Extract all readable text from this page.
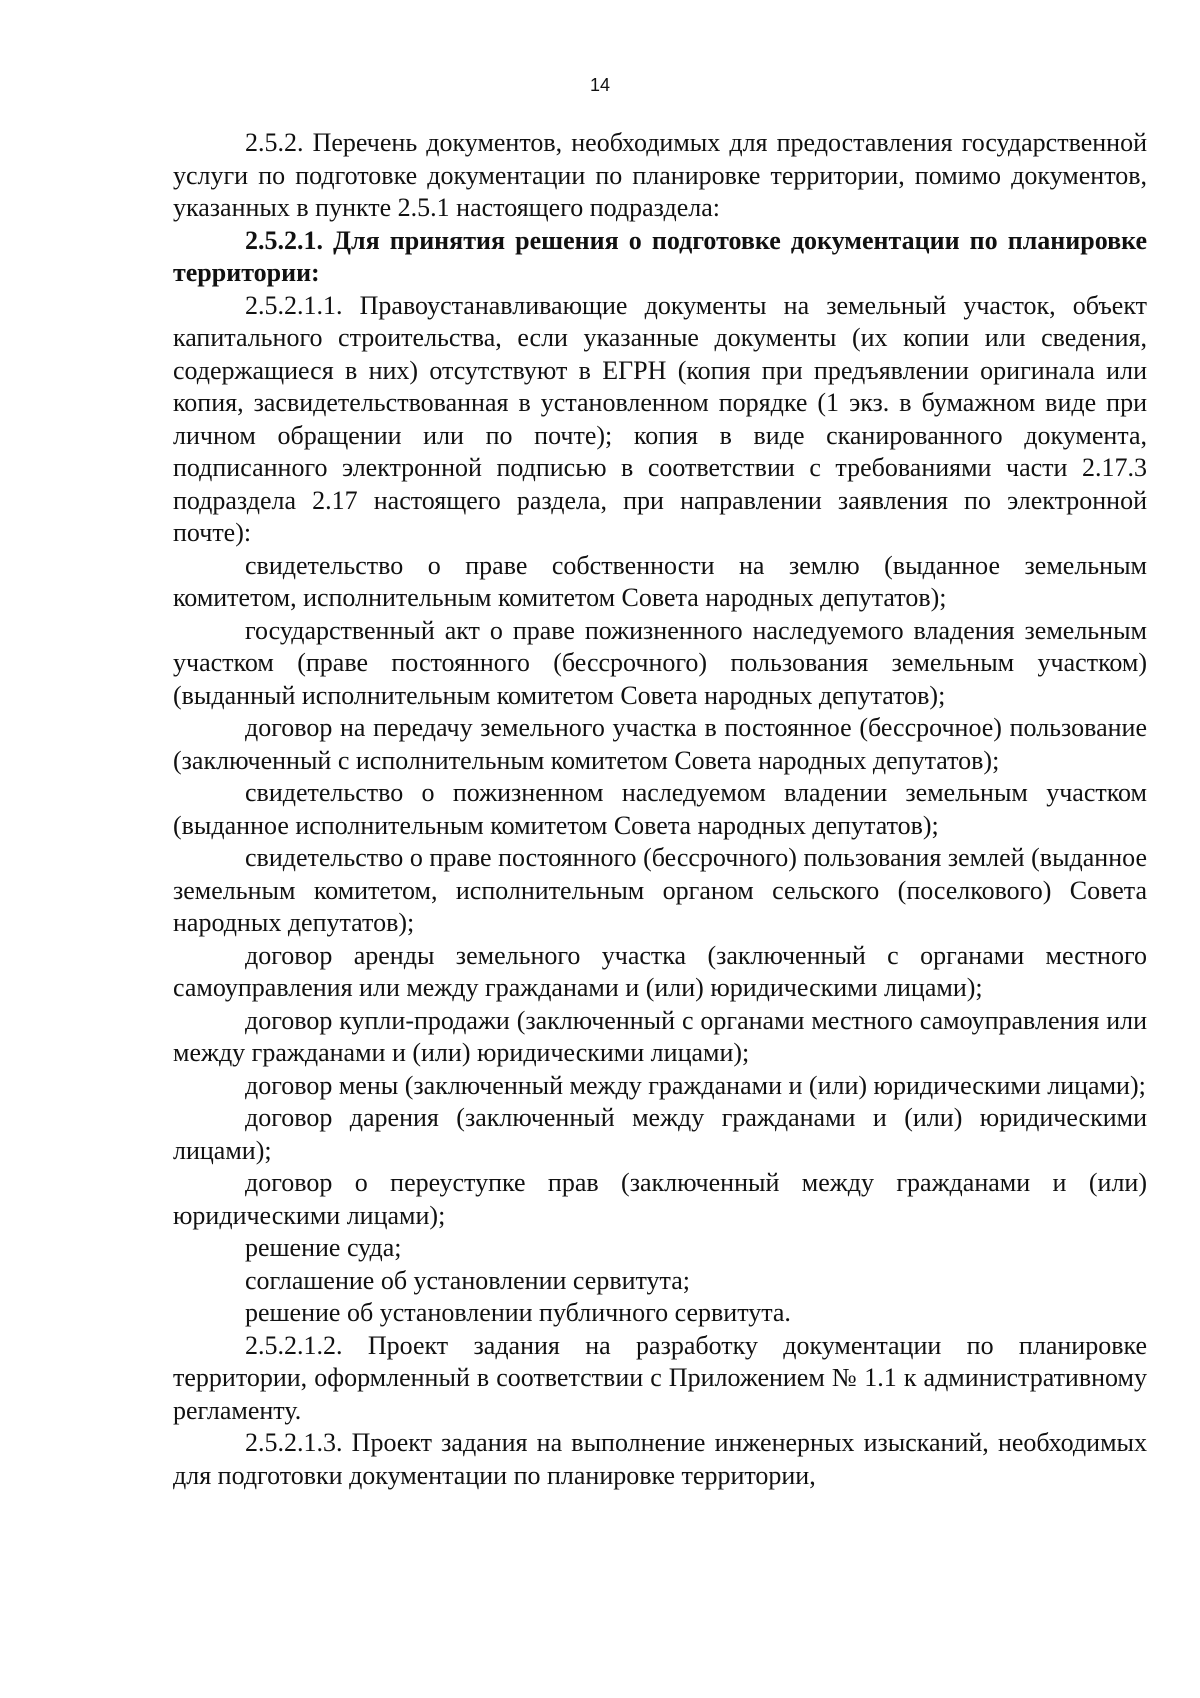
14

2.5.2. Перечень документов, необходимых для предоставления государственной услуги по подготовке документации по планировке территории, помимо документов, указанных в пункте 2.5.1 настоящего подраздела:

2.5.2.1. Для принятия решения о подготовке документации по планировке территории:

2.5.2.1.1. Правоустанавливающие документы на земельный участок, объект капитального строительства, если указанные документы (их копии или сведения, содержащиеся в них) отсутствуют в ЕГРН (копия при предъявлении оригинала или копия, засвидетельствованная в установленном порядке (1 экз. в бумажном виде при личном обращении или по почте); копия в виде сканированного документа, подписанного электронной подписью в соответствии с требованиями части 2.17.3 подраздела 2.17 настоящего раздела, при направлении заявления по электронной почте):

свидетельство о праве собственности на землю (выданное земельным комитетом, исполнительным комитетом Совета народных депутатов);

государственный акт о праве пожизненного наследуемого владения земельным участком (праве постоянного (бессрочного) пользования земельным участком) (выданный исполнительным комитетом Совета народных депутатов);

договор на передачу земельного участка в постоянное (бессрочное) пользование (заключенный с исполнительным комитетом Совета народных депутатов);

свидетельство о пожизненном наследуемом владении земельным участком (выданное исполнительным комитетом Совета народных депутатов);

свидетельство о праве постоянного (бессрочного) пользования землей (выданное земельным комитетом, исполнительным органом сельского (поселкового) Совета народных депутатов);

договор аренды земельного участка (заключенный с органами местного самоуправления или между гражданами и (или) юридическими лицами);

договор купли-продажи (заключенный с органами местного самоуправления или между гражданами и (или) юридическими лицами);

договор мены (заключенный между гражданами и (или) юридическими лицами);

договор дарения (заключенный между гражданами и (или) юридическими лицами);

договор о переуступке прав (заключенный между гражданами и (или) юридическими лицами);

решение суда;

соглашение об установлении сервитута;

решение об установлении публичного сервитута.

2.5.2.1.2. Проект задания на разработку документации по планировке территории, оформленный в соответствии с Приложением № 1.1 к административному регламенту.

2.5.2.1.3. Проект задания на выполнение инженерных изысканий, необходимых для подготовки документации по планировке территории,
